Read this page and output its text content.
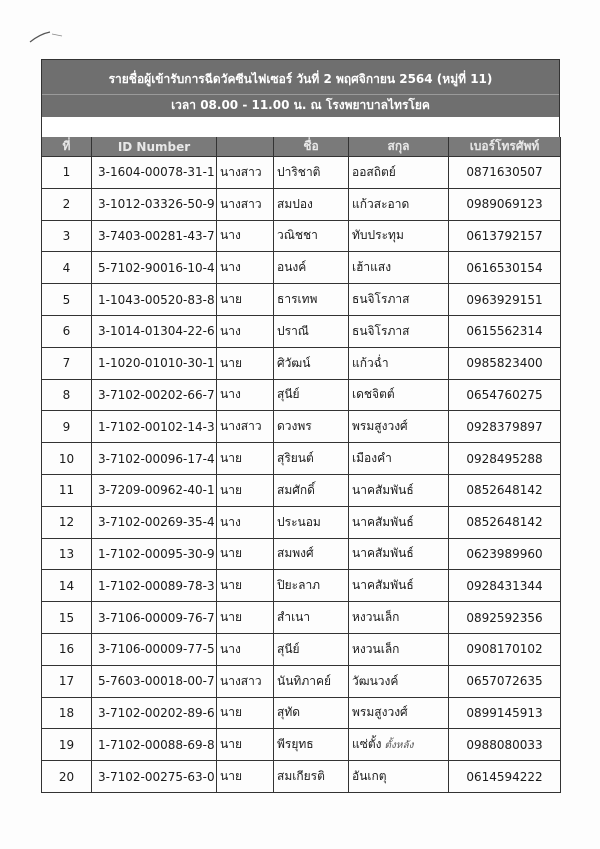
รายชื่อผู้เข้ารับการฉีดวัคซีนไฟเซอร์ วันที่ 2 พฤศจิกายน 2564 (หมู่ที่ 11)
เวลา 08.00 - 11.00 น. ณ โรงพยาบาลไทรโยค
ที่	ID Number		ชื่อ	สกุล	เบอร์โทรศัพท์
1	3-1604-00078-31-1	นางสาว	ปาริชาติ	ออสถิตย์	0871630507
2	3-1012-03326-50-9	นางสาว	สมปอง	แก้วสะอาด	0989069123
3	3-7403-00281-43-7	นาง	วณิชชา	ทับประทุม	0613792157
4	5-7102-90016-10-4	นาง	อนงค์	เฮ้าแสง	0616530154
5	1-1043-00520-83-8	นาย	ธารเทพ	ธนจิโรภาส	0963929151
6	3-1014-01304-22-6	นาง	ปราณี	ธนจิโรภาส	0615562314
7	1-1020-01010-30-1	นาย	ศิวัฒน์	แก้วฉ่ำ	0985823400
8	3-7102-00202-66-7	นาง	สุนีย์	เดชจิตต์	0654760275
9	1-7102-00102-14-3	นางสาว	ดวงพร	พรมสูงวงศ์	0928379897
10	3-7102-00096-17-4	นาย	สุริยนต์	เมืองคำ	0928495288
11	3-7209-00962-40-1	นาย	สมศักดิ์	นาคสัมพันธ์	0852648142
12	3-7102-00269-35-4	นาง	ประนอม	นาคสัมพันธ์	0852648142
13	1-7102-00095-30-9	นาย	สมพงศ์	นาคสัมพันธ์	0623989960
14	1-7102-00089-78-3	นาย	ปิยะลาภ	นาคสัมพันธ์	0928431344
15	3-7106-00009-76-7	นาย	สำเนา	หงวนเล็ก	0892592356
16	3-7106-00009-77-5	นาง	สุนีย์	หงวนเล็ก	0908170102
17	5-7603-00018-00-7	นางสาว	นันทิภาคย์	วัฒนวงค์	0657072635
18	3-7102-00202-89-6	นาย	สุทัด	พรมสูงวงศ์	0899145913
19	1-7102-00088-69-8	นาย	พีรยุทธ	แซ่ตั้ง ตั้งหลัง	0988080033
20	3-7102-00275-63-0	นาย	สมเกียรติ	อันเกตุ	0614594222
